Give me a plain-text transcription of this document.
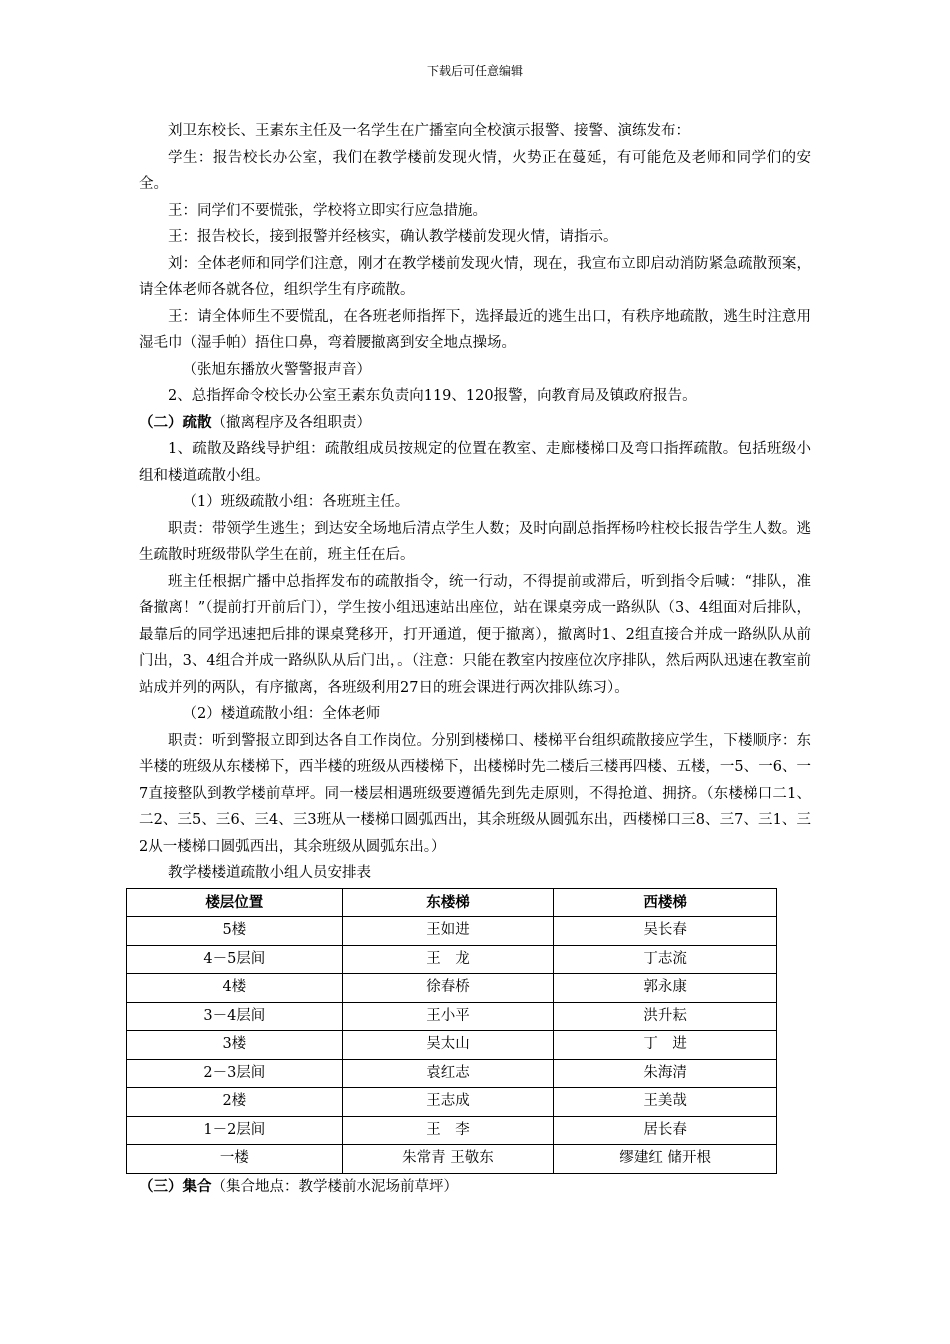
下载后可任意编辑

刘卫东校长、王素东主任及一名学生在广播室向全校演示报警、接警、演练发布：

学生：报告校长办公室，我们在教学楼前发现火情，火势正在蔓延，有可能危及老师和同学们的安全。

王：同学们不要慌张，学校将立即实行应急措施。

王：报告校长，接到报警并经核实，确认教学楼前发现火情，请指示。

刘：全体老师和同学们注意，刚才在教学楼前发现火情，现在，我宣布立即启动消防紧急疏散预案，请全体老师各就各位，组织学生有序疏散。

王：请全体师生不要慌乱，在各班老师指挥下，选择最近的逃生出口，有秩序地疏散，逃生时注意用湿毛巾（湿手帕）捂住口鼻，弯着腰撤离到安全地点操场。

（张旭东播放火警警报声音）

2、总指挥命令校长办公室王素东负责向119、120报警，向教育局及镇政府报告。

（二）疏散（撤离程序及各组职责）

1、疏散及路线导护组：疏散组成员按规定的位置在教室、走廊楼梯口及弯口指挥疏散。包括班级小组和楼道疏散小组。

（1）班级疏散小组：各班班主任。

职责：带领学生逃生；到达安全场地后清点学生人数；及时向副总指挥杨吟柱校长报告学生人数。逃生疏散时班级带队学生在前，班主任在后。

班主任根据广播中总指挥发布的疏散指令，统一行动，不得提前或滞后，听到指令后喊：“排队，准备撤离！”（提前打开前后门），学生按小组迅速站出座位，站在课桌旁成一路纵队（3、4组面对后排队，最靠后的同学迅速把后排的课桌凳移开，打开通道，便于撤离），撤离时1、2组直接合并成一路纵队从前门出，3、4组合并成一路纵队从后门出，。（注意：只能在教室内按座位次序排队，然后两队迅速在教室前站成并列的两队，有序撤离，各班级利用27日的班会课进行两次排队练习）。

（2）楼道疏散小组：全体老师

职责：听到警报立即到达各自工作岗位。分别到楼梯口、楼梯平台组织疏散接应学生，下楼顺序：东半楼的班级从东楼梯下，西半楼的班级从西楼梯下，出楼梯时先二楼后三楼再四楼、五楼，一5、一6、一7直接整队到教学楼前草坪。同一楼层相遇班级要遵循先到先走原则，不得抢道、拥挤。（东楼梯口二1、二2、三5、三6、三4、三3班从一楼梯口圆弧西出，其余班级从圆弧东出，西楼梯口三8、三7、三1、三2从一楼梯口圆弧西出，其余班级从圆弧东出。）

教学楼楼道疏散小组人员安排表

楼层位置	东楼梯	西楼梯
5楼	王如进	吴长春
4－5层间	王　龙	丁志流
4楼	徐春桥	郭永康
3－4层间	王小平	洪升耘
3楼	吴太山	丁　进
2－3层间	袁红志	朱海清
2楼	王志成	王美哉
1－2层间	王　李	居长春
一楼	朱常青 王敬东	缪建红 储开根

（三）集合（集合地点：教学楼前水泥场前草坪）
